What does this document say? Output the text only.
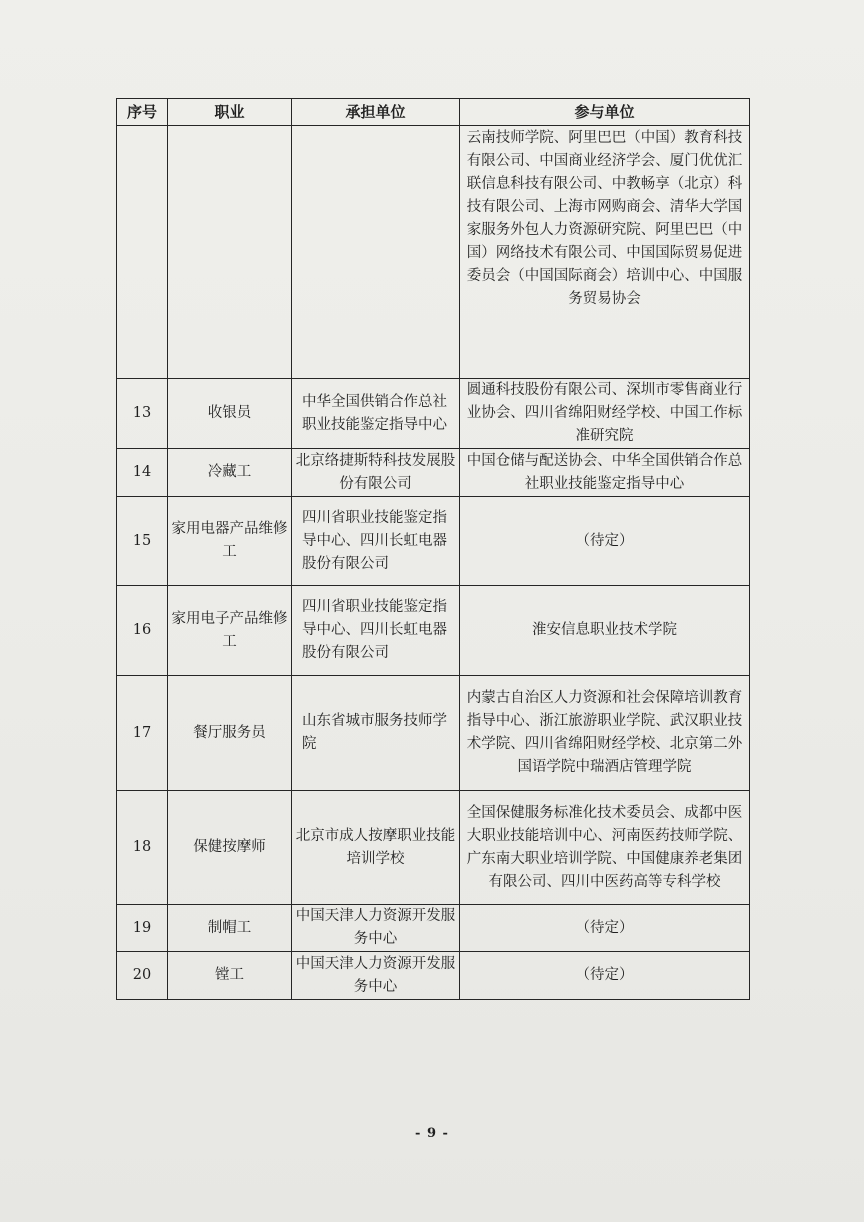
序号	职业	承担单位	参与单位
			云南技师学院、阿里巴巴（中国）教育科技有限公司、中国商业经济学会、厦门优优汇联信息科技有限公司、中教畅享（北京）科技有限公司、上海市网购商会、清华大学国家服务外包人力资源研究院、阿里巴巴（中国）网络技术有限公司、中国国际贸易促进委员会（中国国际商会）培训中心、中国服务贸易协会
13	收银员	中华全国供销合作总社职业技能鉴定指导中心	圆通科技股份有限公司、深圳市零售商业行业协会、四川省绵阳财经学校、中国工作标准研究院
14	冷藏工	北京络捷斯特科技发展股份有限公司	中国仓储与配送协会、中华全国供销合作总社职业技能鉴定指导中心
15	家用电器产品维修工	四川省职业技能鉴定指导中心、四川长虹电器股份有限公司	（待定）
16	家用电子产品维修工	四川省职业技能鉴定指导中心、四川长虹电器股份有限公司	淮安信息职业技术学院
17	餐厅服务员	山东省城市服务技师学院	内蒙古自治区人力资源和社会保障培训教育指导中心、浙江旅游职业学院、武汉职业技术学院、四川省绵阳财经学校、北京第二外国语学院中瑞酒店管理学院
18	保健按摩师	北京市成人按摩职业技能培训学校	全国保健服务标准化技术委员会、成都中医大职业技能培训中心、河南医药技师学院、广东南大职业培训学院、中国健康养老集团有限公司、四川中医药高等专科学校
19	制帽工	中国天津人力资源开发服务中心	（待定）
20	镗工	中国天津人力资源开发服务中心	（待定）
- 9 -
